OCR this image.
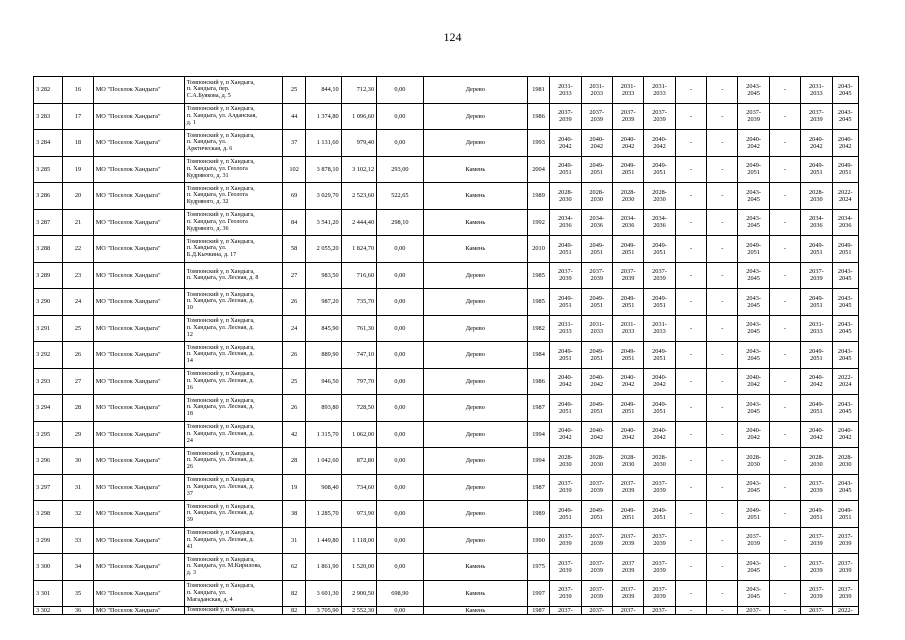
124
3 282	16	МО "Поселок Хандыга"	Томпонский у, п Хандыга,
п. Хандыга, пер.
С.А.Буякова, д. 5	25	844,10	712,30	0,00	Дерево	1981	2031-
2033	2031-
2033	2031-
2033	2031-
2033	-	-	2043-
2045	-	2031-
2033	2043-
2045
3 283	17	МО "Поселок Хандыга"	Томпонский у, п Хандыга,
п. Хандыга, ул. Алданская,
д. 1	44	1 374,80	1 096,60	0,00	Дерево	1986	2037-
2039	2037-
2039	2037-
2039	2037-
2039	-	-	2037-
2039	-	2037-
2039	2043-
2045
3 284	18	МО "Поселок Хандыга"	Томпонский у, п Хандыга,
п. Хандыга, ул.
Арктическая, д. 6	37	1 131,60	979,40	0,00	Дерево	1993	2040-
2042	2040-
2042	2040-
2042	2040-
2042	-	-	2040-
2042	-	2040-
2042	2040-
2042
3 285	19	МО "Поселок Хандыга"	Томпонский у, п Хандыга,
п. Хандыга, ул. Геолога
Кудрявого, д. 31	102	3 878,10	3 102,12	293,00	Камень	2004	2049-
2051	2049-
2051	2049-
2051	2049-
2051	-	-	2049-
2051	-	2049-
2051	2049-
2051
3 286	20	МО "Поселок Хандыга"	Томпонский у, п Хандыга,
п. Хандыга, ул. Геолога
Кудрявого, д. 32	69	3 029,70	2 523,60	522,65	Камень	1989	2028-
2030	2028-
2030	2028-
2030	2028-
2030	-	-	2043-
2045	-	2028-
2030	2022-
2024
3 287	21	МО "Поселок Хандыга"	Томпонский у, п Хандыга,
п. Хандыга, ул. Геолога
Кудрявого, д. 36	84	3 541,20	2 444,40	298,10	Камень	1992	2034-
2036	2034-
2036	2034-
2036	2034-
2036	-	-	2043-
2045	-	2034-
2036	2034-
2036
3 288	22	МО "Поселок Хандыга"	Томпонский у, п Хандыга,
п. Хандыга, ул.
Б.Д.Кычкина, д. 17	58	2 055,20	1 824,70	0,00	Камень	2010	2049-
2051	2049-
2051	2049-
2051	2049-
2051	-	-	2049-
2051	-	2049-
2051	2049-
2051
3 289	23	МО "Поселок Хандыга"	Томпонский у, п Хандыга,
п. Хандыга, ул. Лесная, д. 8	27	983,50	716,60	0,00	Дерево	1985	2037-
2039	2037-
2039	2037-
2039	2037-
2039	-	-	2043-
2045	-	2037-
2039	2043-
2045
3 290	24	МО "Поселок Хандыга"	Томпонский у, п Хандыга,
п. Хандыга, ул. Лесная, д.
10	26	987,20	735,70	0,00	Дерево	1985	2049-
2051	2049-
2051	2049-
2051	2049-
2051	-	-	2043-
2045	-	2049-
2051	2043-
2045
3 291	25	МО "Поселок Хандыга"	Томпонский у, п Хандыга,
п. Хандыга, ул. Лесная, д.
12	24	845,90	761,30	0,00	Дерево	1982	2031-
2033	2031-
2033	2031-
2033	2031-
2033	-	-	2043-
2045	-	2031-
2033	2043-
2045
3 292	26	МО "Поселок Хандыга"	Томпонский у, п Хандыга,
п. Хандыга, ул. Лесная, д.
14	26	889,90	747,10	0,00	Дерево	1984	2049-
2051	2049-
2051	2049-
2051	2049-
2051	-	-	2043-
2045	-	2049-
2051	2043-
2045
3 293	27	МО "Поселок Хандыга"	Томпонский у, п Хандыга,
п. Хандыга, ул. Лесная, д.
16	25	946,50	797,70	0,00	Дерево	1986	2040-
2042	2040-
2042	2040-
2042	2040-
2042	-	-	2040-
2042	-	2040-
2042	2022-
2024
3 294	28	МО "Поселок Хандыга"	Томпонский у, п Хандыга,
п. Хандыга, ул. Лесная, д.
18	26	893,80	728,50	0,00	Дерево	1987	2049-
2051	2049-
2051	2049-
2051	2049-
2051	-	-	2043-
2045	-	2049-
2051	2043-
2045
3 295	29	МО "Поселок Хандыга"	Томпонский у, п Хандыга,
п. Хандыга, ул. Лесная, д.
24	42	1 315,70	1 062,00	0,00	Дерево	1994	2040-
2042	2040-
2042	2040-
2042	2040-
2042	-	-	2040-
2042	-	2040-
2042	2040-
2042
3 296	30	МО "Поселок Хандыга"	Томпонский у, п Хандыга,
п. Хандыга, ул. Лесная, д.
26	28	1 042,60	872,80	0,00	Дерево	1994	2028-
2030	2028-
2030	2028-
2030	2028-
2030	-	-	2028-
2030	-	2028-
2030	2028-
2030
3 297	31	МО "Поселок Хандыга"	Томпонский у, п Хандыга,
п. Хандыга, ул. Лесная, д.
37	19	908,40	734,60	0,00	Дерево	1987	2037-
2039	2037-
2039	2037-
2039	2037-
2039	-	-	2043-
2045	-	2037-
2039	2043-
2045
3 298	32	МО "Поселок Хандыга"	Томпонский у, п Хандыга,
п. Хандыга, ул. Лесная, д.
39	38	1 285,70	973,90	0,00	Дерево	1989	2049-
2051	2049-
2051	2049-
2051	2049-
2051	-	-	2049-
2051	-	2049-
2051	2049-
2051
3 299	33	МО "Поселок Хандыга"	Томпонский у, п Хандыга,
п. Хандыга, ул. Лесная, д.
41	31	1 449,80	1 118,00	0,00	Дерево	1990	2037-
2039	2037-
2039	2037-
2039	2037-
2039	-	-	2037-
2039	-	2037-
2039	2037-
2039
3 300	34	МО "Поселок Хандыга"	Томпонский у, п Хандыга,
п. Хандыга, ул. М.Кирилова,
д. 3	62	1 861,90	1 520,00	0,00	Камень	1975	2037-
2039	2037-
2039	2037
2039	2037-
2039	-	-	2043-
2045	-	2037-
2039	2037-
2039
3 301	35	МО "Поселок Хандыга"	Томпонский у, п Хандыга,
п. Хандыга, ул.
Магаданская, д. 4	82	3 601,30	2 900,50	698,90	Камень	1997	2037-
2039	2037-
2039	2037-
2039	2037-
2039	-	-	2043-
2045	-	2037-
2039	2037-
2039
3 302	36	МО "Поселок Хандыга"	Томпонский у, п Хандыга,	82	3 705,90	2 552,30	0,00	Камень	1987	2037-	2037-	2037-	2037-	-	-	2037-	-	2037-	2022-
